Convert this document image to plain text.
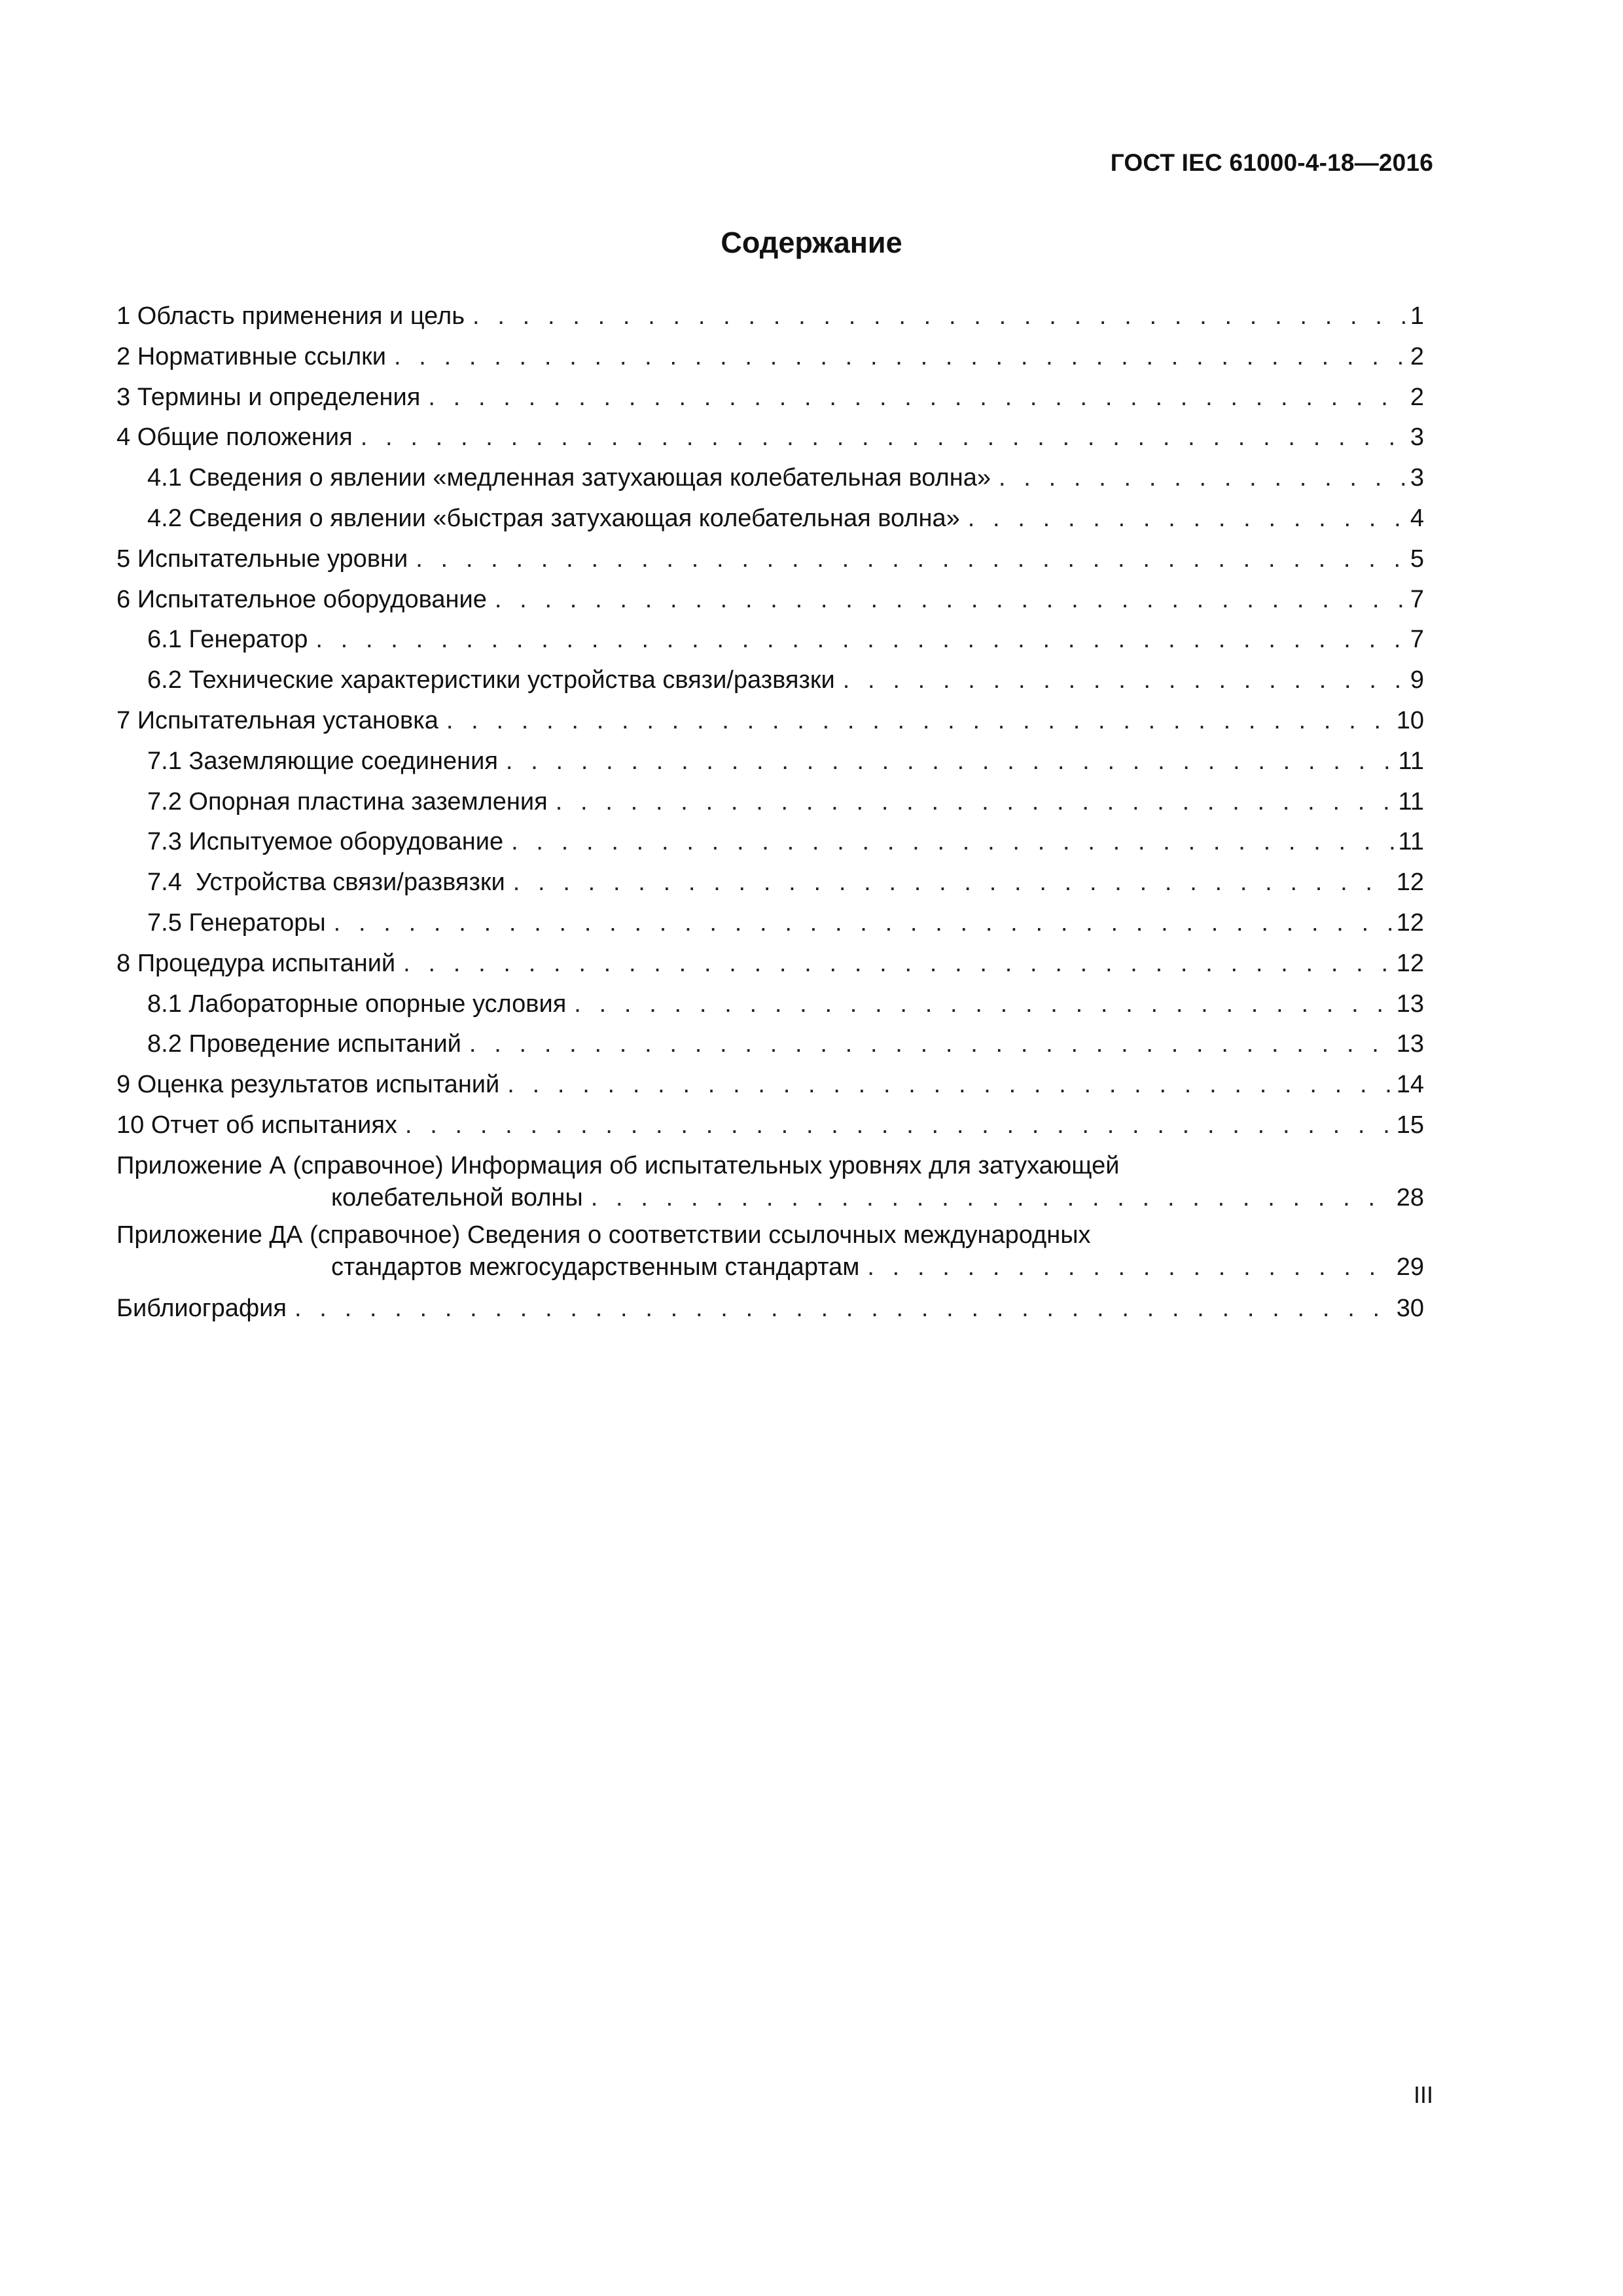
ГОСТ IEC 61000-4-18—2016
Содержание
1 Область применения и цель . . .	1
2 Нормативные ссылки . . .	2
3 Термины и определения . . .	2
4 Общие положения . . .	3
4.1 Сведения о явлении «медленная затухающая колебательная волна» . . .	3
4.2 Сведения о явлении «быстрая затухающая колебательная волна» . . .	4
5 Испытательные уровни . . .	5
6 Испытательное оборудование . . .	7
6.1 Генератор . . .	7
6.2 Технические характеристики устройства связи/развязки . . .	9
7 Испытательная установка . . .	10
7.1 Заземляющие соединения . . .	11
7.2 Опорная пластина заземления . . .	11
7.3 Испытуемое оборудование . . .	11
7.4  Устройства связи/развязки . . .	12
7.5 Генераторы . . .	12
8 Процедура испытаний . . .	12
8.1 Лабораторные опорные условия . . .	13
8.2 Проведение испытаний . . .	13
9 Оценка результатов испытаний . . .	14
10 Отчет об испытаниях . . .	15
Приложение А (справочное) Информация об испытательных уровнях для затухающей
колебательной волны . . .	28
Приложение ДА (справочное) Сведения о соответствии ссылочных международных
стандартов межгосударственным стандартам . . .	29
Библиография . . .	30
III
